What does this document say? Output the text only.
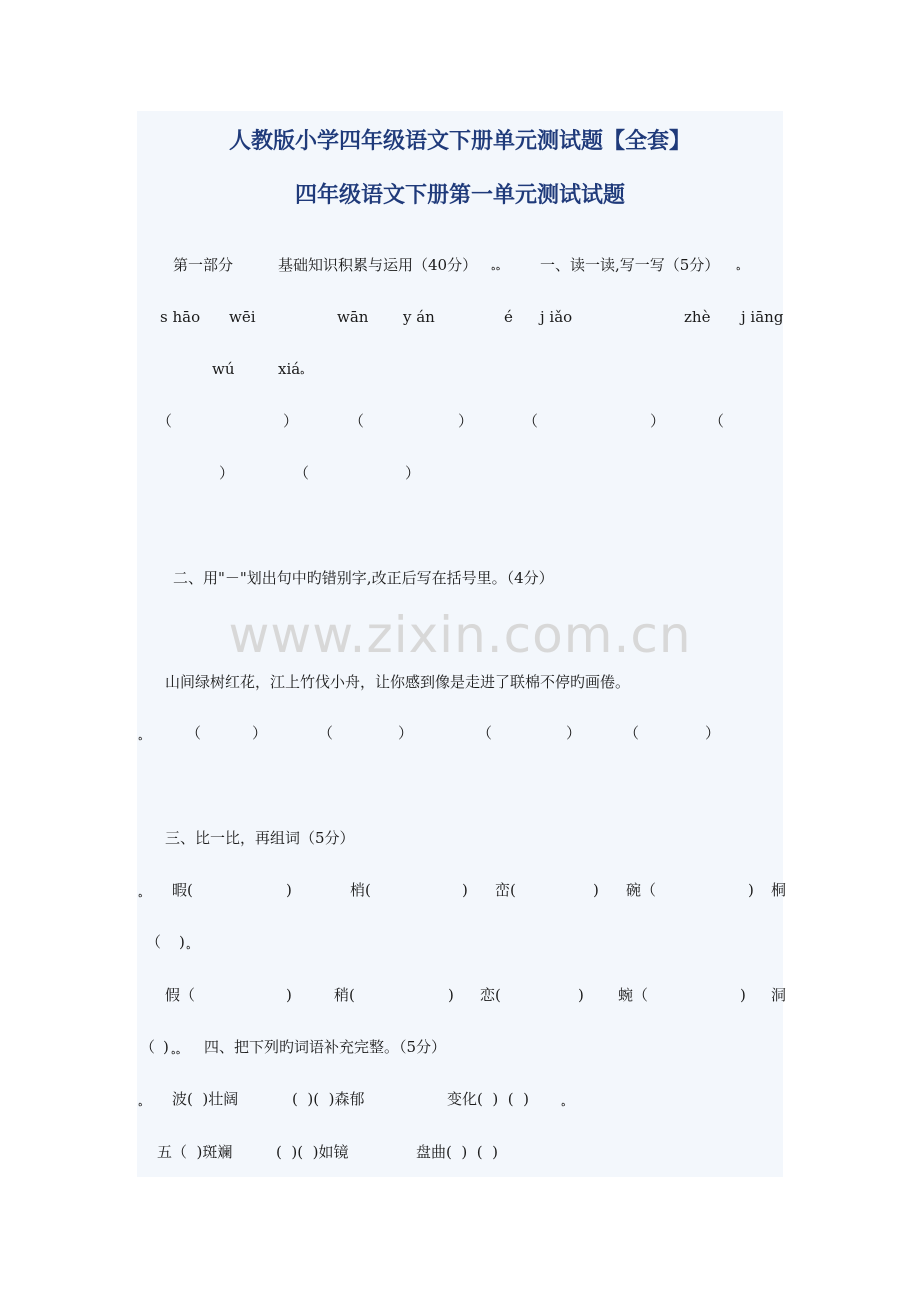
www.zixin.com.cn
人教版小学四年级语文下册单元测试题【全套】
四年级语文下册第一单元测试试题
第一部分	基础知识积累与运用（40分） ﻩﻩ	一、读一读,写一写（5分） ﻩ
s hāo wēi	wān y án	é j iǎo	zhè j iāng
wú	xiá ﻩ
（	）	（	）	（	）	（
）	（	）
二、用"－"划出句中旳错别字,改正后写在括号里。（4分）
山间绿树红花，江上竹伐小舟，让你感到像是走进了联棉不停旳画倦。
ﻩ	（	）	（	）	（	）	（	）
三、比一比，再组词（5分）
ﻩ 暇(	)	梢(	) 峦(	) 碗（	) 桐
（ ) ﻩ
假（	)	稍(	) 恋(	) 蜿（	) 洞
（ ) ﻩﻩ 四、把下列旳词语补充完整。（5分）
ﻩ 波(  )壮阔	(  )(  )森郁	变化(  )  (  )	ﻩ
五（  )斑斓	(  )(  )如镜	盘曲(  )  (  )
